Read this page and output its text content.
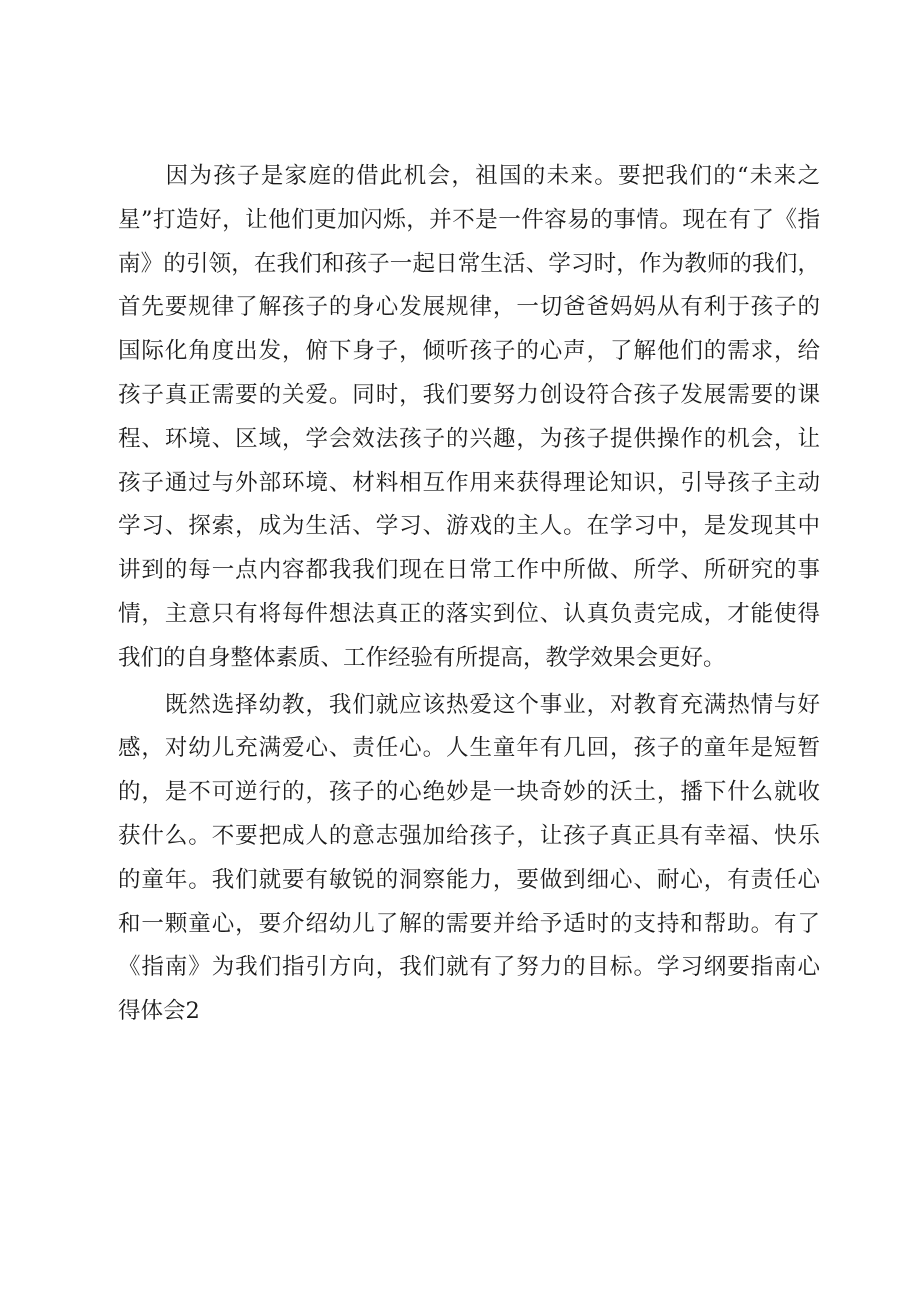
　　因为孩子是家庭的借此机会，祖国的未来。要把我们的“未来之
星”打造好，让他们更加闪烁，并不是一件容易的事情。现在有了《指
南》的引领，在我们和孩子一起日常生活、学习时，作为教师的我们，
首先要规律了解孩子的身心发展规律，一切爸爸妈妈从有利于孩子的
国际化角度出发，俯下身子，倾听孩子的心声，了解他们的需求，给
孩子真正需要的关爱。同时，我们要努力创设符合孩子发展需要的课
程、环境、区域，学会效法孩子的兴趣，为孩子提供操作的机会，让
孩子通过与外部环境、材料相互作用来获得理论知识，引导孩子主动
学习、探索，成为生活、学习、游戏的主人。在学习中，是发现其中
讲到的每一点内容都我我们现在日常工作中所做、所学、所研究的事
情，主意只有将每件想法真正的落实到位、认真负责完成，才能使得
我们的自身整体素质、工作经验有所提高，教学效果会更好。
　　既然选择幼教，我们就应该热爱这个事业，对教育充满热情与好
感，对幼儿充满爱心、责任心。人生童年有几回，孩子的童年是短暂
的，是不可逆行的，孩子的心绝妙是一块奇妙的沃土，播下什么就收
获什么。不要把成人的意志强加给孩子，让孩子真正具有幸福、快乐
的童年。我们就要有敏锐的洞察能力，要做到细心、耐心，有责任心
和一颗童心，要介绍幼儿了解的需要并给予适时的支持和帮助。有了
《指南》为我们指引方向，我们就有了努力的目标。学习纲要指南心
得体会2
